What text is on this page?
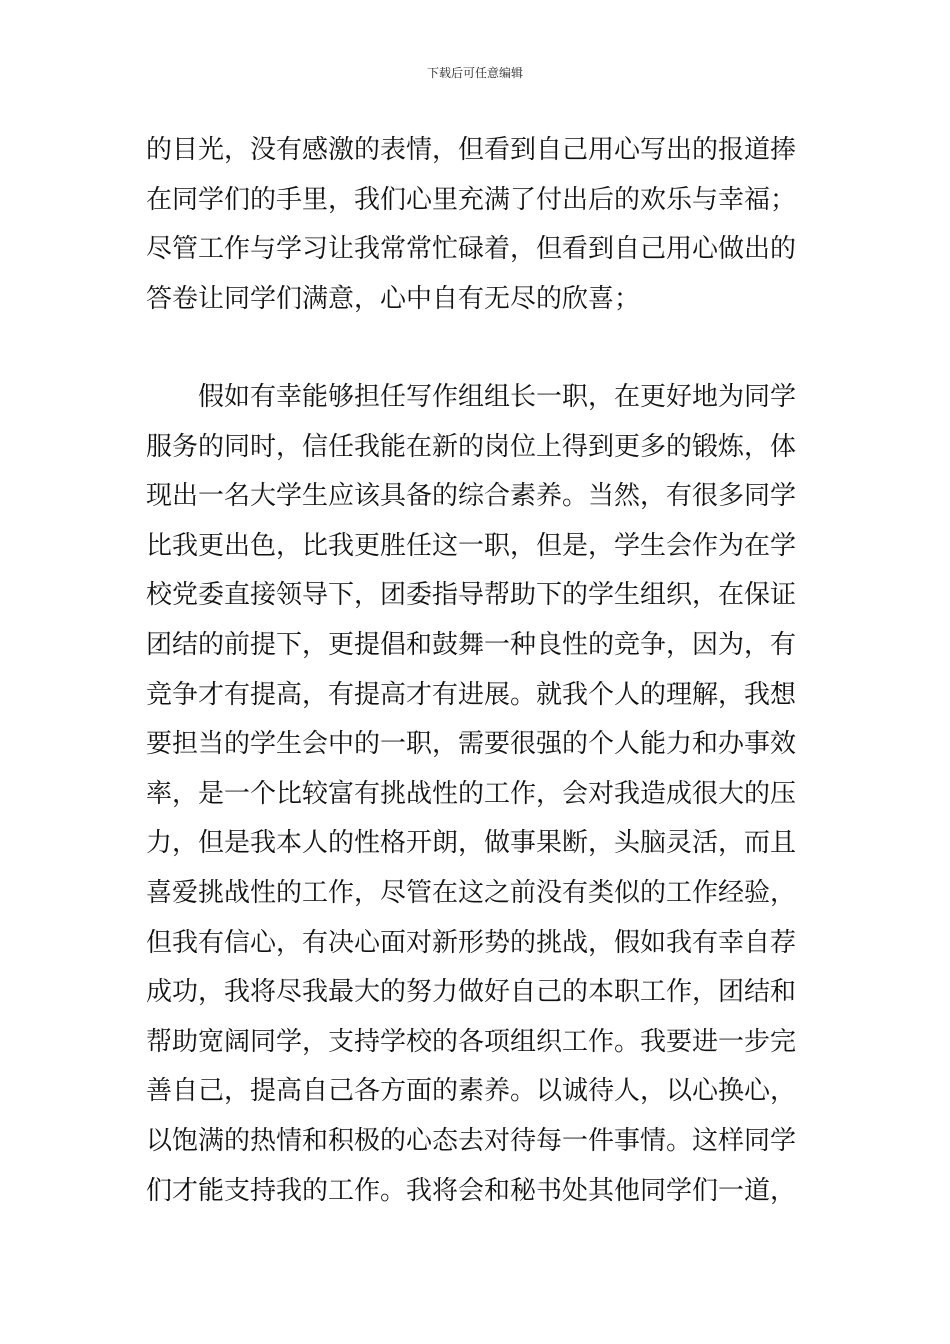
下载后可任意编辑
的目光，没有感激的表情，但看到自己用心写出的报道捧
在同学们的手里，我们心里充满了付出后的欢乐与幸福；
尽管工作与学习让我常常忙碌着，但看到自己用心做出的
答卷让同学们满意，心中自有无尽的欣喜；
假如有幸能够担任写作组组长一职，在更好地为同学
服务的同时，信任我能在新的岗位上得到更多的锻炼，体
现出一名大学生应该具备的综合素养。当然，有很多同学
比我更出色，比我更胜任这一职，但是，学生会作为在学
校党委直接领导下，团委指导帮助下的学生组织，在保证
团结的前提下，更提倡和鼓舞一种良性的竞争，因为，有
竞争才有提高，有提高才有进展。就我个人的理解，我想
要担当的学生会中的一职，需要很强的个人能力和办事效
率，是一个比较富有挑战性的工作，会对我造成很大的压
力，但是我本人的性格开朗，做事果断，头脑灵活，而且
喜爱挑战性的工作，尽管在这之前没有类似的工作经验，
但我有信心，有决心面对新形势的挑战，假如我有幸自荐
成功，我将尽我最大的努力做好自己的本职工作，团结和
帮助宽阔同学，支持学校的各项组织工作。我要进一步完
善自己，提高自己各方面的素养。以诚待人，以心换心，
以饱满的热情和积极的心态去对待每一件事情。这样同学
们才能支持我的工作。我将会和秘书处其他同学们一道，
